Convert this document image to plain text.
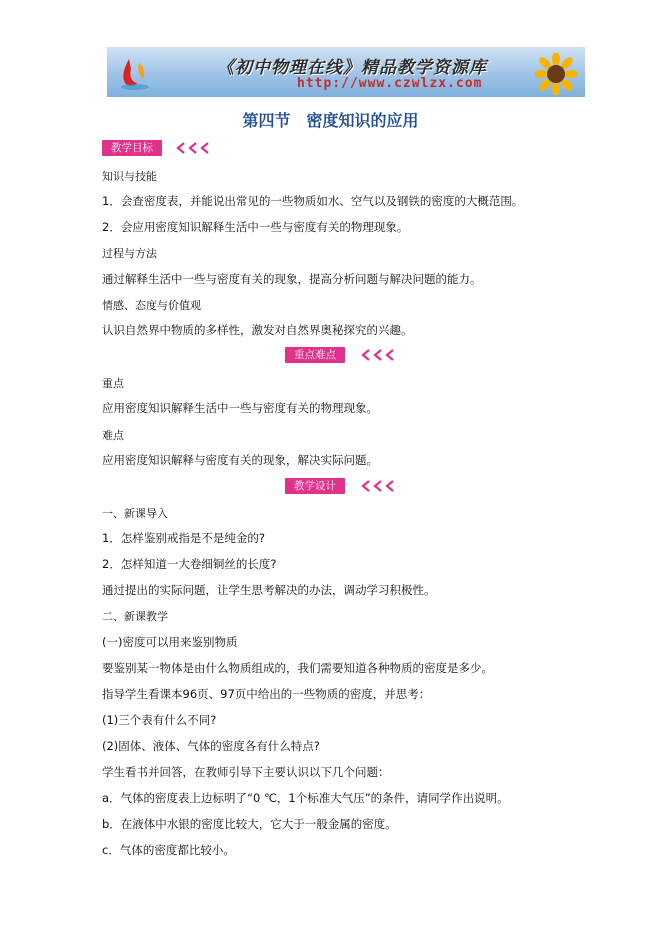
《初中物理在线》精品教学资源库
http://www.czwlzx.com
第四节　密度知识的应用
教学目标
知识与技能
1．会查密度表，并能说出常见的一些物质如水、空气以及钢铁的密度的大概范围。
2．会应用密度知识解释生活中一些与密度有关的物理现象。
过程与方法
通过解释生活中一些与密度有关的现象，提高分析问题与解决问题的能力。
情感、态度与价值观
认识自然界中物质的多样性，激发对自然界奥秘探究的兴趣。
重点难点
重点
应用密度知识解释生活中一些与密度有关的物理现象。
难点
应用密度知识解释与密度有关的现象，解决实际问题。
教学设计
一、新课导入
1．怎样鉴别戒指是不是纯金的?
2．怎样知道一大卷细铜丝的长度?
通过提出的实际问题，让学生思考解决的办法，调动学习积极性。
二、新课教学
(一)密度可以用来鉴别物质
要鉴别某一物体是由什么物质组成的，我们需要知道各种物质的密度是多少。
指导学生看课本96页、97页中给出的一些物质的密度，并思考：
(1)三个表有什么不同?
(2)固体、液体、气体的密度各有什么特点?
学生看书并回答，在教师引导下主要认识以下几个问题：
a．气体的密度表上边标明了“0 ℃，1个标准大气压”的条件，请同学作出说明。
b．在液体中水银的密度比较大，它大于一般金属的密度。
c．气体的密度都比较小。
